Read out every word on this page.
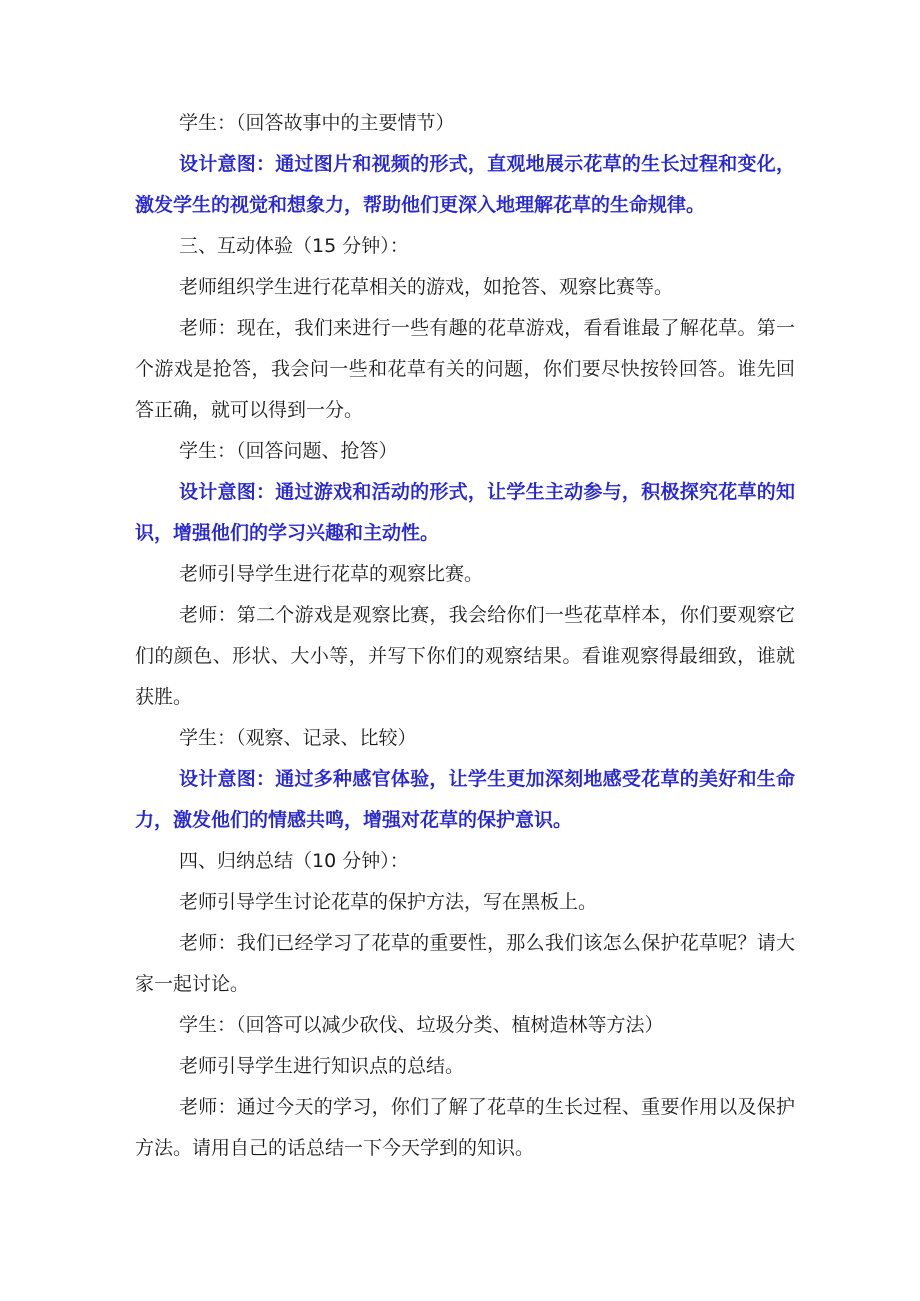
学生：（回答故事中的主要情节）

设计意图：通过图片和视频的形式，直观地展示花草的生长过程和变化，激发学生的视觉和想象力，帮助他们更深入地理解花草的生命规律。

三、互动体验（15 分钟）：

老师组织学生进行花草相关的游戏，如抢答、观察比赛等。

老师：现在，我们来进行一些有趣的花草游戏，看看谁最了解花草。第一个游戏是抢答，我会问一些和花草有关的问题，你们要尽快按铃回答。谁先回答正确，就可以得到一分。

学生：（回答问题、抢答）

设计意图：通过游戏和活动的形式，让学生主动参与，积极探究花草的知识，增强他们的学习兴趣和主动性。

老师引导学生进行花草的观察比赛。

老师：第二个游戏是观察比赛，我会给你们一些花草样本，你们要观察它们的颜色、形状、大小等，并写下你们的观察结果。看谁观察得最细致，谁就获胜。

学生：（观察、记录、比较）

设计意图：通过多种感官体验，让学生更加深刻地感受花草的美好和生命力，激发他们的情感共鸣，增强对花草的保护意识。

四、归纳总结（10 分钟）：

老师引导学生讨论花草的保护方法，写在黑板上。

老师：我们已经学习了花草的重要性，那么我们该怎么保护花草呢？请大家一起讨论。

学生：（回答可以减少砍伐、垃圾分类、植树造林等方法）

老师引导学生进行知识点的总结。

老师：通过今天的学习，你们了解了花草的生长过程、重要作用以及保护方法。请用自己的话总结一下今天学到的知识。
